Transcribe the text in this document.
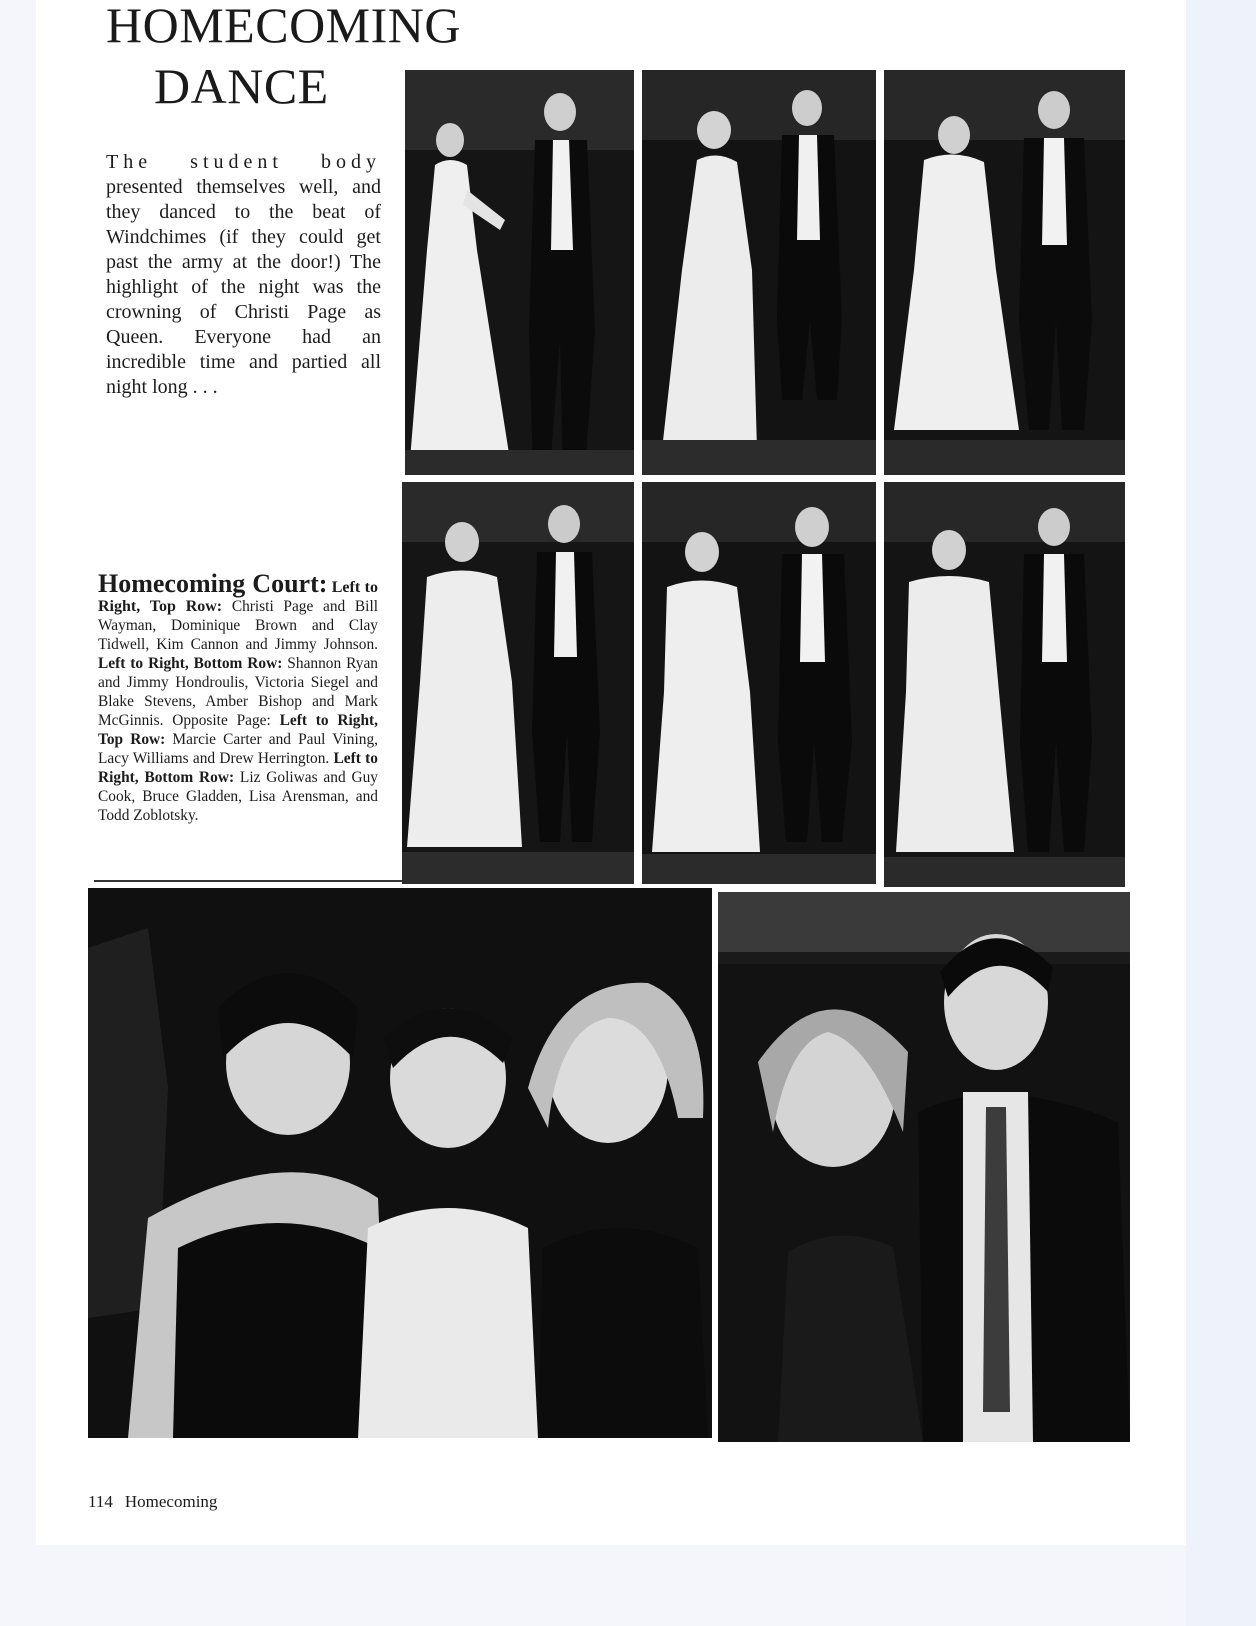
HOMECOMING
DANCE

The student body presented themselves well, and they danced to the beat of Windchimes (if they could get past the army at the door!) The highlight of the night was the crowning of Christi Page as Queen. Everyone had an incredible time and partied all night long . . .

Homecoming Court: Left to Right, Top Row: Christi Page and Bill Wayman, Dominique Brown and Clay Tidwell, Kim Cannon and Jimmy Johnson. Left to Right, Bottom Row: Shannon Ryan and Jimmy Hondroulis, Victoria Siegel and Blake Stevens, Amber Bishop and Mark McGinnis. Opposite Page: Left to Right, Top Row: Marcie Carter and Paul Vining, Lacy Williams and Drew Herrington. Left to Right, Bottom Row: Liz Goliwas and Guy Cook, Bruce Gladden, Lisa Arensman, and Todd Zoblotsky.

114 Homecoming
